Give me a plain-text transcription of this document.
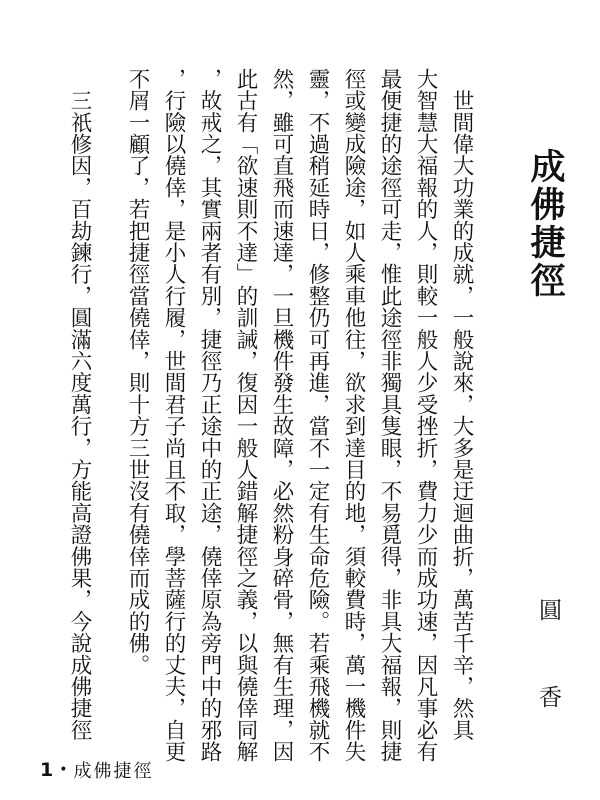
成佛捷徑
圓 香
　世間偉大功業的成就，一般說來，大多是迂迴曲折，萬苦千辛，然具
大智慧大福報的人，則較一般人少受挫折，費力少而成功速，因凡事必有
最便捷的途徑可走，惟此途徑非獨具隻眼，不易覓得，非具大福報，則捷
徑或變成險途，如人乘車他往，欲求到達目的地，須較費時，萬一機件失
靈，不過稍延時日，修整仍可再進，當不一定有生命危險。若乘飛機就不
然，雖可直飛而速達，一旦機件發生故障，必然粉身碎骨，無有生理，因
此古有「欲速則不達」的訓誡，復因一般人錯解捷徑之義，以與僥倖同解
，故戒之，其實兩者有別，捷徑乃正途中的正途，僥倖原為旁門中的邪路
，行險以僥倖，是小人行履，世間君子尚且不取，學菩薩行的丈夫，自更
不屑一顧了，若把捷徑當僥倖，則十方三世沒有僥倖而成的佛。
　三祇修因，百劫鍊行，圓滿六度萬行，方能高證佛果，今說成佛捷徑
1 • 成佛捷徑
